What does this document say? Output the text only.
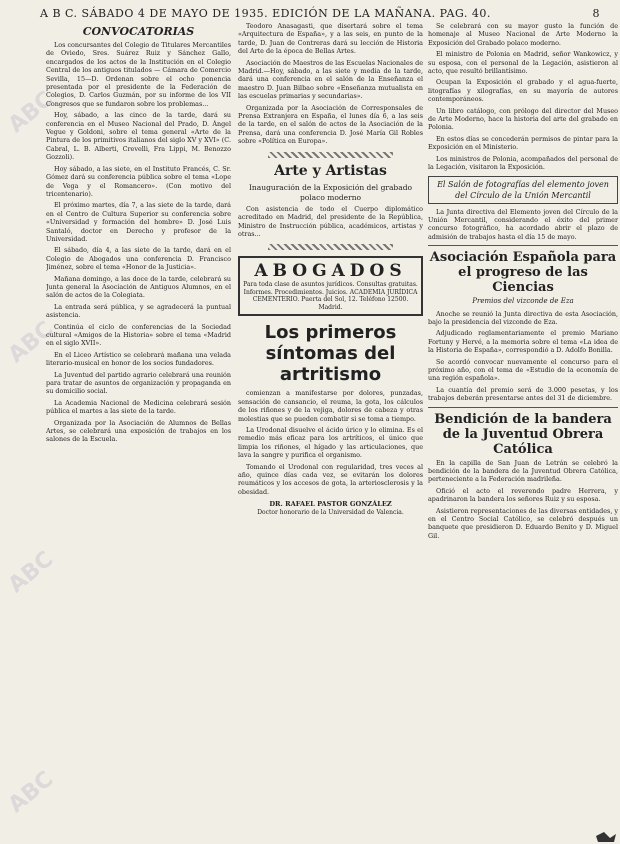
ABC
ABC
ABC
ABC
A B C. SÁBADO 4 DE MAYO DE 1935. EDICIÓN DE LA MAÑANA. PAG. 40.	8
CONVOCATORIAS

Los concursantes del Colegio de Titulares Mercantiles de Oviedo, Sres. Suárez Ruiz y Sánchez Gallo, encargados de los actos de la Institución en el Colegio Central de los antiguos titulados — Cámara de Comercio Sevilla, 15—D. Ordenan sobre el ocho ponencia presentada por el presidente de la Federación de Colegios, D. Carlos Guzmán, por su informe de los VII Congresos que se fundaron sobre los problemas...

Hoy, sábado, a las cinco de la tarde, dará su conferencia en el Museo Nacional del Prado, D. Ángel Vegue y Goldoni, sobre el tema general «Arte de la Pintura de los primitivos italianos del siglo XV y XVI» (C. Cabral, L. B. Alberti, Crevelli, Fra Lippi, M. Benozzo Gozzoli).

Hoy sábado, a las siete, en el Instituto Francés, C. Sr. Gómez dará su conferencia pública sobre el tema «Lope de Vega y el Romancero». (Con motivo del tricentenario).

El próximo martes, día 7, a las siete de la tarde, dará en el Centro de Cultura Superior su conferencia sobre «Universidad y formación del hombre» D. José Luis Santaló, doctor en Derecho y profesor de la Universidad.

El sábado, día 4, a las siete de la tarde, dará en el Colegio de Abogados una conferencia D. Francisco Jiménez, sobre el tema «Honor de la Justicia».

Mañana domingo, a las doce de la tarde, celebrará su Junta general la Asociación de Antiguos Alumnos, en el salón de actos de la Colegiata.

La entrada será pública, y se agradecerá la puntual asistencia.

Continúa el ciclo de conferencias de la Sociedad cultural «Amigos de la Historia» sobre el tema «Madrid en el siglo XVII».

En el Liceo Artístico se celebrará mañana una velada literario-musical en honor de los socios fundadores.

La Juventud del partido agrario celebrará una reunión para tratar de asuntos de organización y propaganda en su domicilio social.

La Academia Nacional de Medicina celebrará sesión pública el martes a las siete de la tarde.

Organizada por la Asociación de Alumnos de Bellas Artes, se celebrará una exposición de trabajos en los salones de la Escuela.

Teodoro Anasagasti, que disertará sobre el tema «Arquitectura de España», y a las seis, en punto de la tarde, D. Juan de Contreras dará su lección de Historia del Arte de la época de Bellas Artes.

Asociación de Maestros de las Escuelas Nacionales de Madrid.—Hoy, sábado, a las siete y media de la tarde, dará una conferencia en el salón de la Enseñanza el maestro D. Juan Bilbao sobre «Enseñanza mutualista en las escuelas primarias y secundarias».

Organizada por la Asociación de Corresponsales de Prensa Extranjera en España, el lunes día 6, a las seis de la tarde, en el salón de actos de la Asociación de la Prensa, dará una conferencia D. José María Gil Robles sobre «Política en Europa».

Arte y Artistas
Inauguración de la Exposición del grabado polaco moderno

Con asistencia de todo el Cuerpo diplomático acreditado en Madrid, del presidente de la República, Ministro de Instrucción pública, académicos, artistas y otras...

ABOGADOS
Para toda clase de asuntos jurídicos. Consultas gratuitas. Informes. Procedimientos. Juicios. ACADEMIA JURÍDICA CEMENTERIO. Puerta del Sol, 12. Teléfono 12500. Madrid.
Los primeros síntomas del artritismo

comienzan a manifestarse por dolores, punzadas, sensación de cansancio, el reuma, la gota, los cálculos de los riñones y de la vejiga, dolores de cabeza y otras molestias que se pueden combatir si se toma a tiempo.

La Urodonal disuelve el ácido úrico y lo elimina. Es el remedio más eficaz para los artríticos, el único que limpia los riñones, el hígado y las articulaciones, que lava la sangre y purifica el organismo.

Tomando el Urodonal con regularidad, tres veces al año, quince días cada vez, se evitarán los dolores reumáticos y los accesos de gota, la arteriosclerosis y la obesidad.

DR. RAFAEL PASTOR GONZÁLEZ
Doctor honorario de la Universidad de Valencia.

Se celebrará con su mayor gusto la función de homenaje al Museo Nacional de Arte Moderno la Exposición del Grabado polaco moderno.

El ministro de Polonia en Madrid, señor Wankowicz, y su esposa, con el personal de la Legación, asistieron al acto, que resultó brillantísimo.

Ocupan la Exposición el grabado y el agua-fuerte, litografías y xilografías, en su mayoría de autores contemporáneos.

Un libro catálogo, con prólogo del director del Museo de Arte Moderno, hace la historia del arte del grabado en Polonia.

En estos días se concederán permisos de pintar para la Exposición en el Ministerio.

Los ministros de Polonia, acompañados del personal de la Legación, visitaron la Exposición.

El Salón de fotografías del elemento joven del Círculo de la Unión Mercantil

La Junta directiva del Elemento joven del Círculo de la Unión Mercantil, considerando el éxito del primer concurso fotográfico, ha acordado abrir el plazo de admisión de trabajos hasta el día 15 de mayo.

Asociación Española para el progreso de las Ciencias
Premios del vizconde de Eza

Anoche se reunió la Junta directiva de esta Asociación, bajo la presidencia del vizconde de Eza.

Adjudicado reglamentariamente el premio Mariano Fortuny y Hervé, a la memoria sobre el tema «La idea de la Historia de España», correspondió a D. Adolfo Bonilla.

Se acordó convocar nuevamente el concurso para el próximo año, con el tema de «Estudio de la economía de una región española».

La cuantía del premio será de 3.000 pesetas, y los trabajos deberán presentarse antes del 31 de diciembre.

Bendición de la bandera de la Juventud Obrera Católica

En la capilla de San Juan de Letrán se celebró la bendición de la bandera de la Juventud Obrera Católica, perteneciente a la Federación madrileña.

Ofició el acto el reverendo padre Herrera, y apadrinaron la bandera los señores Ruiz y su esposa.

Asistieron representaciones de las diversas entidades, y en el Centro Social Católico, se celebró después un banquete que presidieron D. Eduardo Benito y D. Miguel Gil.
